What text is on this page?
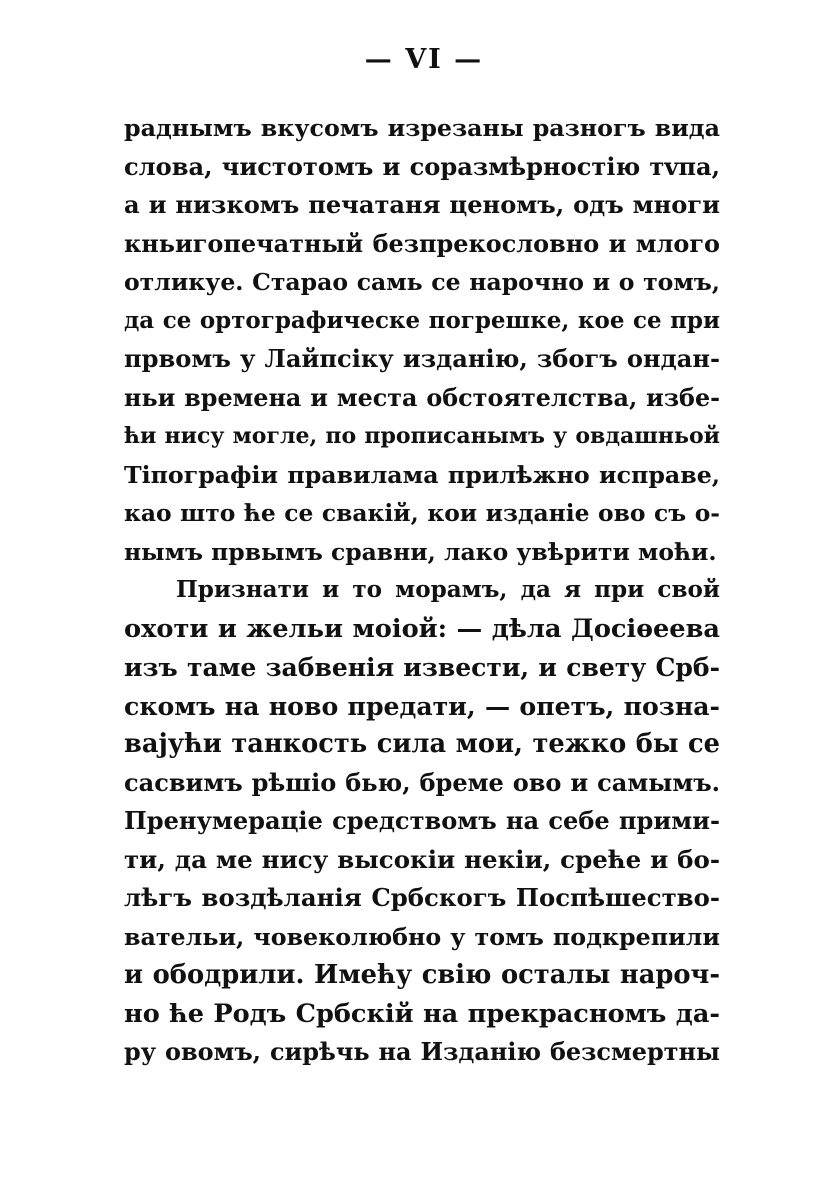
— VI —
раднымъ вкусомъ изрезаны разногъ вида
слова, чистотомъ и соразмѣрностiю тvпа,
а и низкомъ печатаня ценомъ, одъ многи
кньигопечатный безпрекословно и млого
отликуе. Старао самь се нарочно и о томъ,
да се ортографическе погрешке, кое се при
првомъ у Лайпсiку изданiю, збогъ ондан-
ньи времена и места обстоятелства, избе-
ћи нису могле, по прописанымъ у овдашньой
Тiпографiи правилама прилѣжно исправе,
као што ће се свакiй, кои изданiе ово съ о-
нымъ првымъ сравни, лако увѣрити моћи.
Признати и то морамъ, да я при свой
охоти и жельи моiой: — дѣла Досiѳеева
изъ таме забвенiя извести, и свету Срб-
скомъ на ново предати, — опетъ, позна-
вајући танкость сила мои, тежко бы се
сасвимъ рѣшiо бью, бреме ово и самымъ.
Пренумерацiе средствомъ на себе прими-
ти, да ме нису высокiи некiи, среће и бо-
лѣгъ воздѣланiя Србскогъ Поспѣшество-
вательи, човеколюбно у томъ подкрепили
и ободрили. Имећу свiю осталы нароч-
но ће Родъ Србскiй на прекрасномъ да-
ру овомъ, сирѣчь на Изданiю безсмертны
